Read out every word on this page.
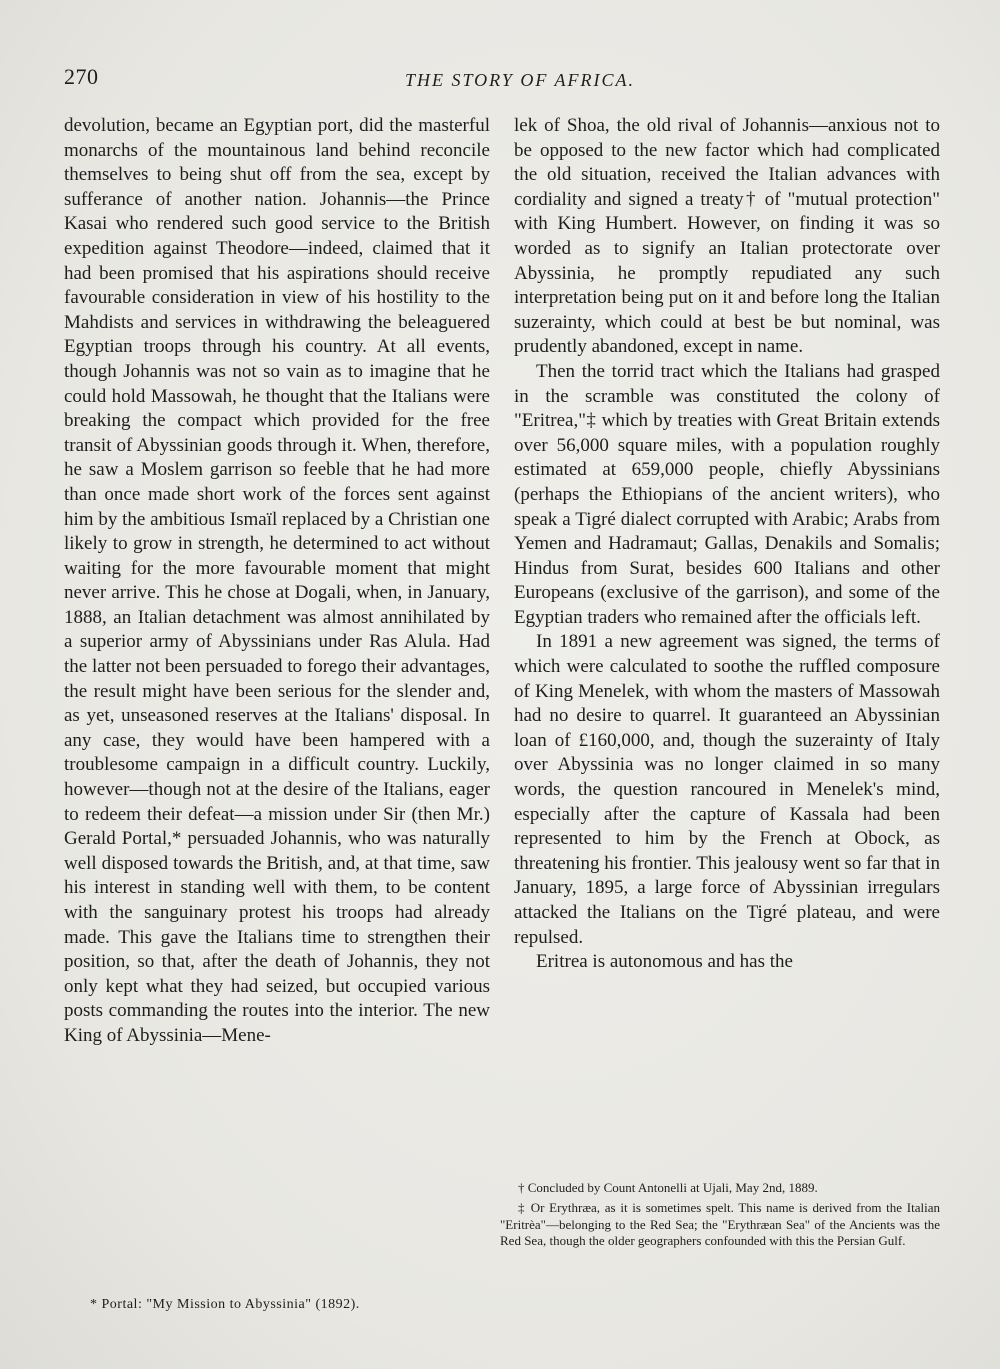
270	THE STORY OF AFRICA.

devolution, became an Egyptian port, did the masterful monarchs of the mountainous land behind reconcile themselves to being shut off from the sea, except by sufferance of another nation. Johannis—the Prince Kasai who rendered such good service to the British expedition against Theodore—indeed, claimed that it had been promised that his aspirations should receive favourable consideration in view of his hostility to the Mahdists and services in withdrawing the beleaguered Egyptian troops through his country. At all events, though Johannis was not so vain as to imagine that he could hold Massowah, he thought that the Italians were breaking the compact which provided for the free transit of Abyssinian goods through it. When, therefore, he saw a Moslem garrison so feeble that he had more than once made short work of the forces sent against him by the ambitious Ismaïl replaced by a Christian one likely to grow in strength, he determined to act without waiting for the more favourable moment that might never arrive. This he chose at Dogali, when, in January, 1888, an Italian detachment was almost annihilated by a superior army of Abyssinians under Ras Alula. Had the latter not been persuaded to forego their advantages, the result might have been serious for the slender and, as yet, unseasoned reserves at the Italians' disposal. In any case, they would have been hampered with a troublesome campaign in a difficult country. Luckily, however—though not at the desire of the Italians, eager to redeem their defeat—a mission under Sir (then Mr.) Gerald Portal,* persuaded Johannis, who was naturally well disposed towards the British, and, at that time, saw his interest in standing well with them, to be content with the sanguinary protest his troops had already made. This gave the Italians time to strengthen their position, so that, after the death of Johannis, they not only kept what they had seized, but occupied various posts commanding the routes into the interior. The new King of Abyssinia—Mene-

lek of Shoa, the old rival of Johannis—anxious not to be opposed to the new factor which had complicated the old situation, received the Italian advances with cordiality and signed a treaty† of "mutual protection" with King Humbert. However, on finding it was so worded as to signify an Italian protectorate over Abyssinia, he promptly repudiated any such interpretation being put on it and before long the Italian suzerainty, which could at best be but nominal, was prudently abandoned, except in name.

Then the torrid tract which the Italians had grasped in the scramble was constituted the colony of "Eritrea,"‡ which by treaties with Great Britain extends over 56,000 square miles, with a population roughly estimated at 659,000 people, chiefly Abyssinians (perhaps the Ethiopians of the ancient writers), who speak a Tigré dialect corrupted with Arabic; Arabs from Yemen and Hadramaut; Gallas, Denakils and Somalis; Hindus from Surat, besides 600 Italians and other Europeans (exclusive of the garrison), and some of the Egyptian traders who remained after the officials left.

In 1891 a new agreement was signed, the terms of which were calculated to soothe the ruffled composure of King Menelek, with whom the masters of Massowah had no desire to quarrel. It guaranteed an Abyssinian loan of £160,000, and, though the suzerainty of Italy over Abyssinia was no longer claimed in so many words, the question rancoured in Menelek's mind, especially after the capture of Kassala had been represented to him by the French at Obock, as threatening his frontier. This jealousy went so far that in January, 1895, a large force of Abyssinian irregulars attacked the Italians on the Tigré plateau, and were repulsed.

Eritrea is autonomous and has the

* Portal: "My Mission to Abyssinia" (1892).

† Concluded by Count Antonelli at Ujali, May 2nd, 1889.

‡ Or Erythræa, as it is sometimes spelt. This name is derived from the Italian "Eritrèa"—belonging to the Red Sea; the "Erythræan Sea" of the Ancients was the Red Sea, though the older geographers confounded with this the Persian Gulf.
